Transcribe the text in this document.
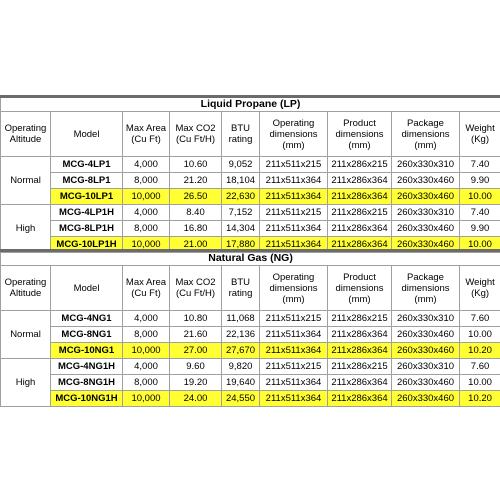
Liquid Propane (LP)								
Operating Altitude	Model	Max Area (Cu Ft)	Max CO2 (Cu Ft/H)	BTU rating	Operating dimensions (mm)	Product dimensions (mm)	Package dimensions (mm)	Weight (Kg)
Normal	MCG-4LP1	4,000	10.60	9,052	211x511x215	211x286x215	260x330x310	7.40
	MCG-8LP1	8,000	21.20	18,104	211x511x364	211x286x364	260x330x460	9.90
	MCG-10LP1	10,000	26.50	22,630	211x511x364	211x286x364	260x330x460	10.00
High	MCG-4LP1H	4,000	8.40	7,152	211x511x215	211x286x215	260x330x310	7.40
	MCG-8LP1H	8,000	16.80	14,304	211x511x364	211x286x364	260x330x460	9.90
	MCG-10LP1H	10,000	21.00	17,880	211x511x364	211x286x364	260x330x460	10.00
Natural Gas (NG)								
Operating Altitude	Model	Max Area (Cu Ft)	Max CO2 (Cu Ft/H)	BTU rating	Operating dimensions (mm)	Product dimensions (mm)	Package dimensions (mm)	Weight (Kg)
Normal	MCG-4NG1	4,000	10.80	11,068	211x511x215	211x286x215	260x330x310	7.60
	MCG-8NG1	8,000	21.60	22,136	211x511x364	211x286x364	260x330x460	10.00
	MCG-10NG1	10,000	27.00	27,670	211x511x364	211x286x364	260x330x460	10.20
High	MCG-4NG1H	4,000	9.60	9,820	211x511x215	211x286x215	260x330x310	7.60
	MCG-8NG1H	8,000	19.20	19,640	211x511x364	211x286x364	260x330x460	10.00
	MCG-10NG1H	10,000	24.00	24,550	211x511x364	211x286x364	260x330x460	10.20
